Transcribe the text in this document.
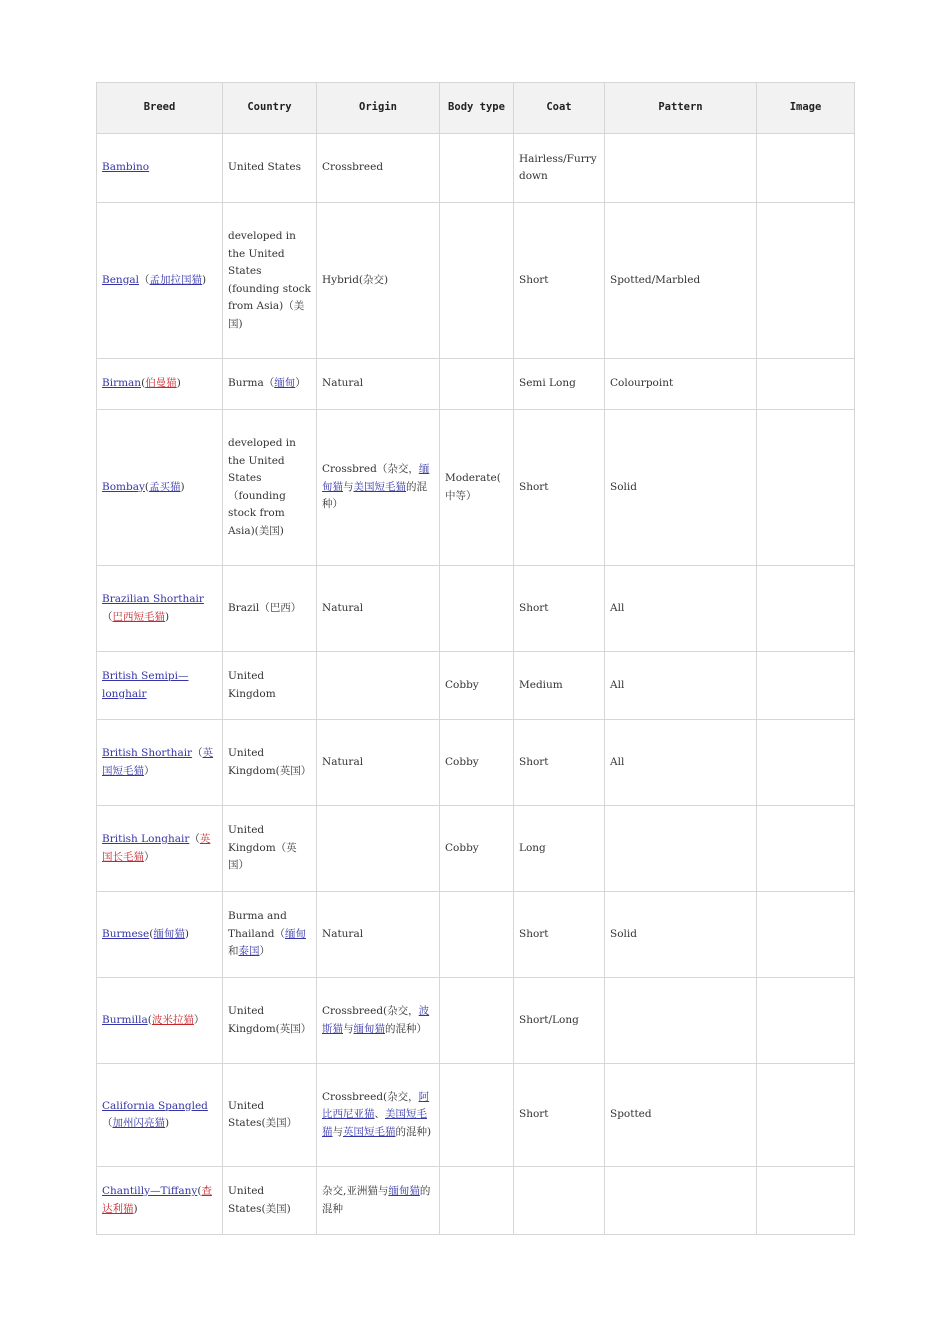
Breed	Country	Origin	Body type	Coat	Pattern	Image
Bambino	United States	Crossbreed		Hairless/Furry down		
Bengal（孟加拉国猫)	developed in the United States (founding stock from Asia)（美国)	Hybrid(杂交)		Short	Spotted/Marbled	
Birman(伯曼猫)	Burma（缅甸）	Natural		Semi Long	Colourpoint	
Bombay(孟买猫)	developed in the United States （founding stock from Asia)(美国)	Crossbred（杂交，缅甸猫与美国短毛猫的混种）	Moderate(中等）	Short	Solid	
Brazilian Shorthair（巴西短毛猫)	Brazil（巴西）	Natural		Short	All	
British Semipi—longhair	United Kingdom		Cobby	Medium	All	
British Shorthair（英国短毛猫）	United Kingdom(英国）	Natural	Cobby	Short	All	
British Longhair（英国长毛猫）	United Kingdom（英国）		Cobby	Long		
Burmese(缅甸猫)	Burma and Thailand（缅甸和泰国）	Natural		Short	Solid	
Burmilla(波米拉猫）	United Kingdom(英国）	Crossbreed(杂交，波斯猫与缅甸猫的混种）		Short/Long		
California Spangled（加州闪亮猫)	United States(美国）	Crossbreed(杂交，阿比西尼亚猫、美国短毛猫与英国短毛猫的混种)		Short	Spotted	
Chantilly—Tiffany(查达利猫)	United States(美国)	杂交,亚洲猫与缅甸猫的混种				
